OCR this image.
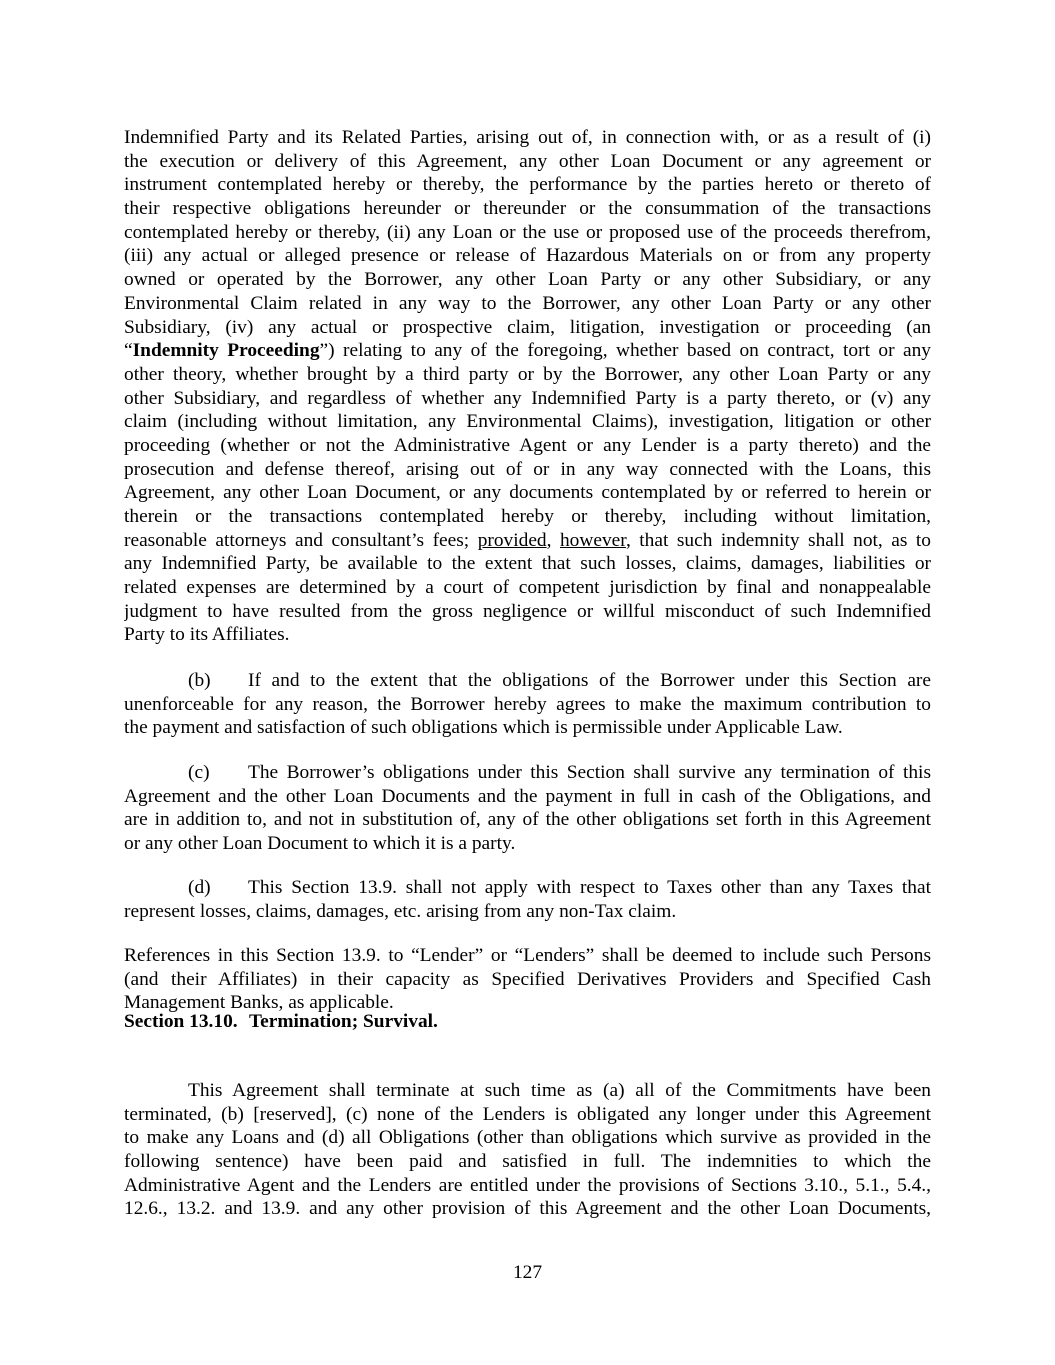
Indemnified Party and its Related Parties, arising out of, in connection with, or as a result of (i)
the execution or delivery of this Agreement, any other Loan Document or any agreement or
instrument contemplated hereby or thereby, the performance by the parties hereto or thereto of
their respective obligations hereunder or thereunder or the consummation of the transactions
contemplated hereby or thereby, (ii) any Loan or the use or proposed use of the proceeds therefrom,
(iii) any actual or alleged presence or release of Hazardous Materials on or from any property
owned or operated by the Borrower, any other Loan Party or any other Subsidiary, or any
Environmental Claim related in any way to the Borrower, any other Loan Party or any other
Subsidiary, (iv) any actual or prospective claim, litigation, investigation or proceeding (an
“Indemnity Proceeding”) relating to any of the foregoing, whether based on contract, tort or any
other theory, whether brought by a third party or by the Borrower, any other Loan Party or any
other Subsidiary, and regardless of whether any Indemnified Party is a party thereto, or (v) any
claim (including without limitation, any Environmental Claims), investigation, litigation or other
proceeding (whether or not the Administrative Agent or any Lender is a party thereto) and the
prosecution and defense thereof, arising out of or in any way connected with the Loans, this
Agreement, any other Loan Document, or any documents contemplated by or referred to herein or
therein or the transactions contemplated hereby or thereby, including without limitation,
reasonable attorneys and consultant’s fees; provided, however, that such indemnity shall not, as to
any Indemnified Party, be available to the extent that such losses, claims, damages, liabilities or
related expenses are determined by a court of competent jurisdiction by final and nonappealable
judgment to have resulted from the gross negligence or willful misconduct of such Indemnified
Party to its Affiliates.
(b) If and to the extent that the obligations of the Borrower under this Section are
unenforceable for any reason, the Borrower hereby agrees to make the maximum contribution to
the payment and satisfaction of such obligations which is permissible under Applicable Law.
(c) The Borrower’s obligations under this Section shall survive any termination of this
Agreement and the other Loan Documents and the payment in full in cash of the Obligations, and
are in addition to, and not in substitution of, any of the other obligations set forth in this Agreement
or any other Loan Document to which it is a party.
(d) This Section 13.9. shall not apply with respect to Taxes other than any Taxes that
represent losses, claims, damages, etc. arising from any non-Tax claim.
References in this Section 13.9. to “Lender” or “Lenders” shall be deemed to include such Persons
(and their Affiliates) in their capacity as Specified Derivatives Providers and Specified Cash
Management Banks, as applicable.
Section 13.10. Termination; Survival.
This Agreement shall terminate at such time as (a) all of the Commitments have been
terminated, (b) [reserved], (c) none of the Lenders is obligated any longer under this Agreement
to make any Loans and (d) all Obligations (other than obligations which survive as provided in the
following sentence) have been paid and satisfied in full. The indemnities to which the
Administrative Agent and the Lenders are entitled under the provisions of Sections 3.10., 5.1., 5.4.,
12.6., 13.2. and 13.9. and any other provision of this Agreement and the other Loan Documents,
127
